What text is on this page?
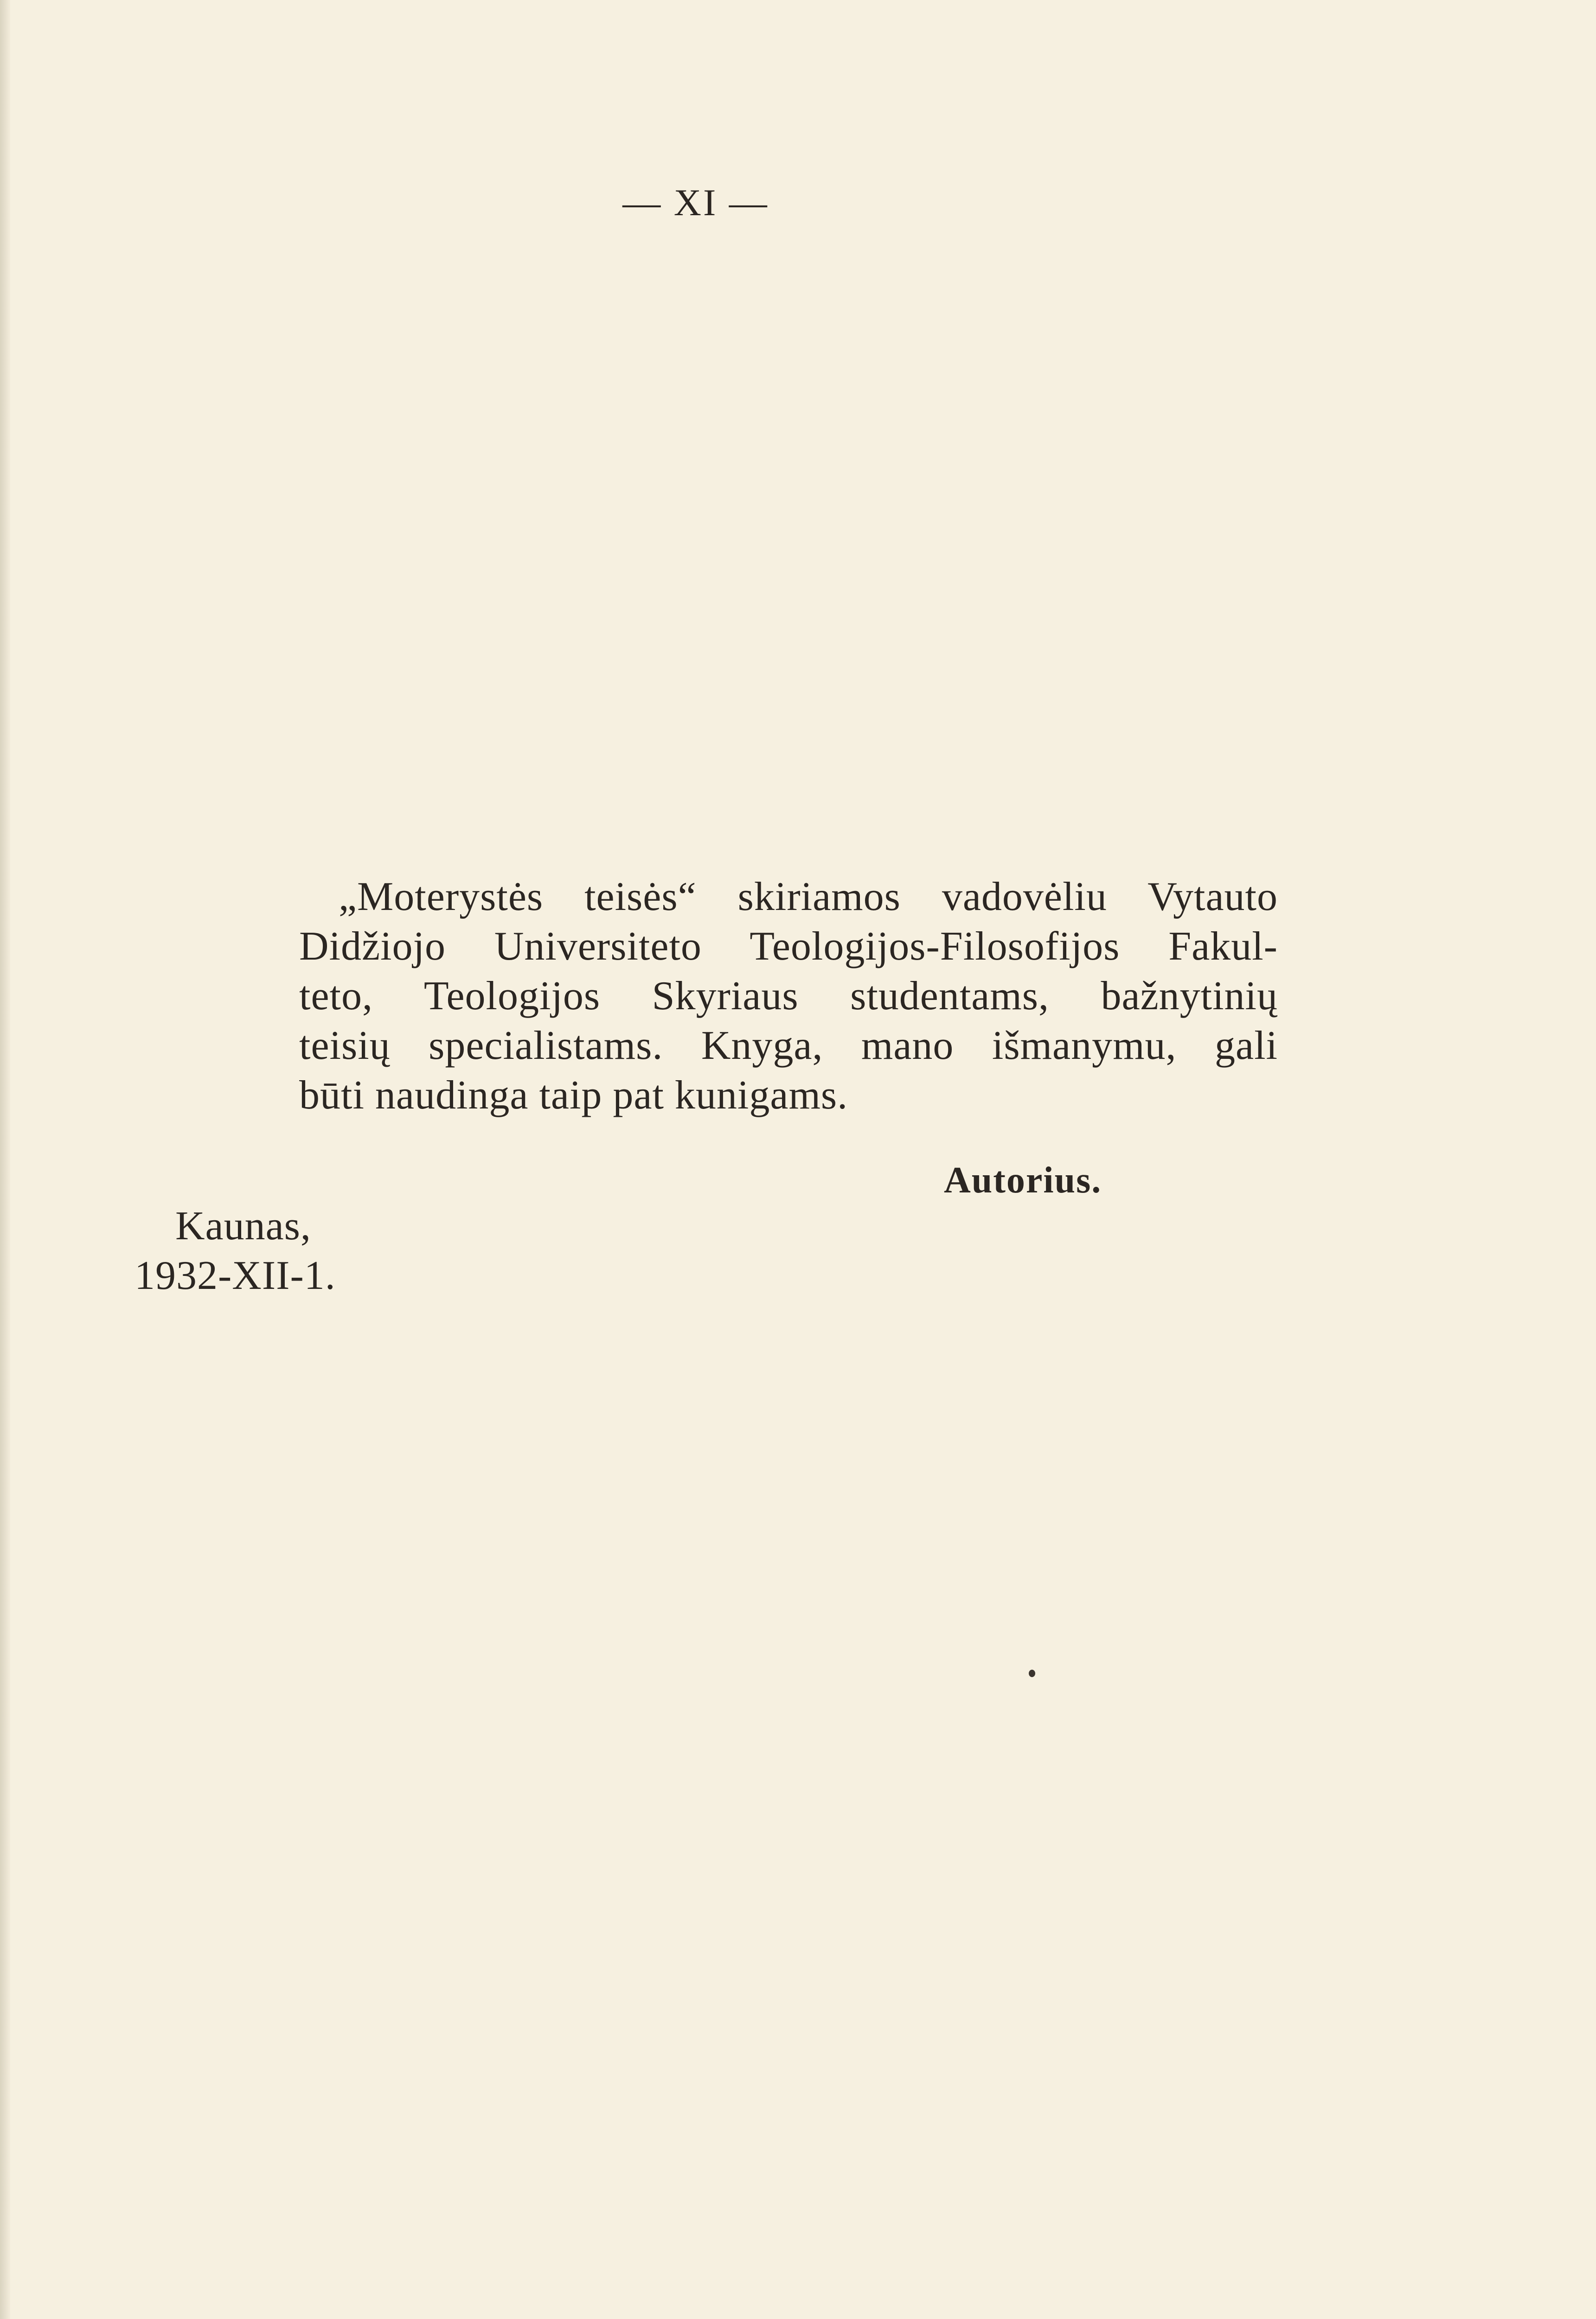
— XI —
„Moterystės teisės“ skiriamos vadovėliu Vytauto
Didžiojo Universiteto Teologijos-Filosofijos Fakul-
teto, Teologijos Skyriaus studentams, bažnytinių
teisių specialistams. Knyga, mano išmanymu, gali
būti naudinga taip pat kunigams.
Autorius.
Kaunas,
1932-XII-1.
